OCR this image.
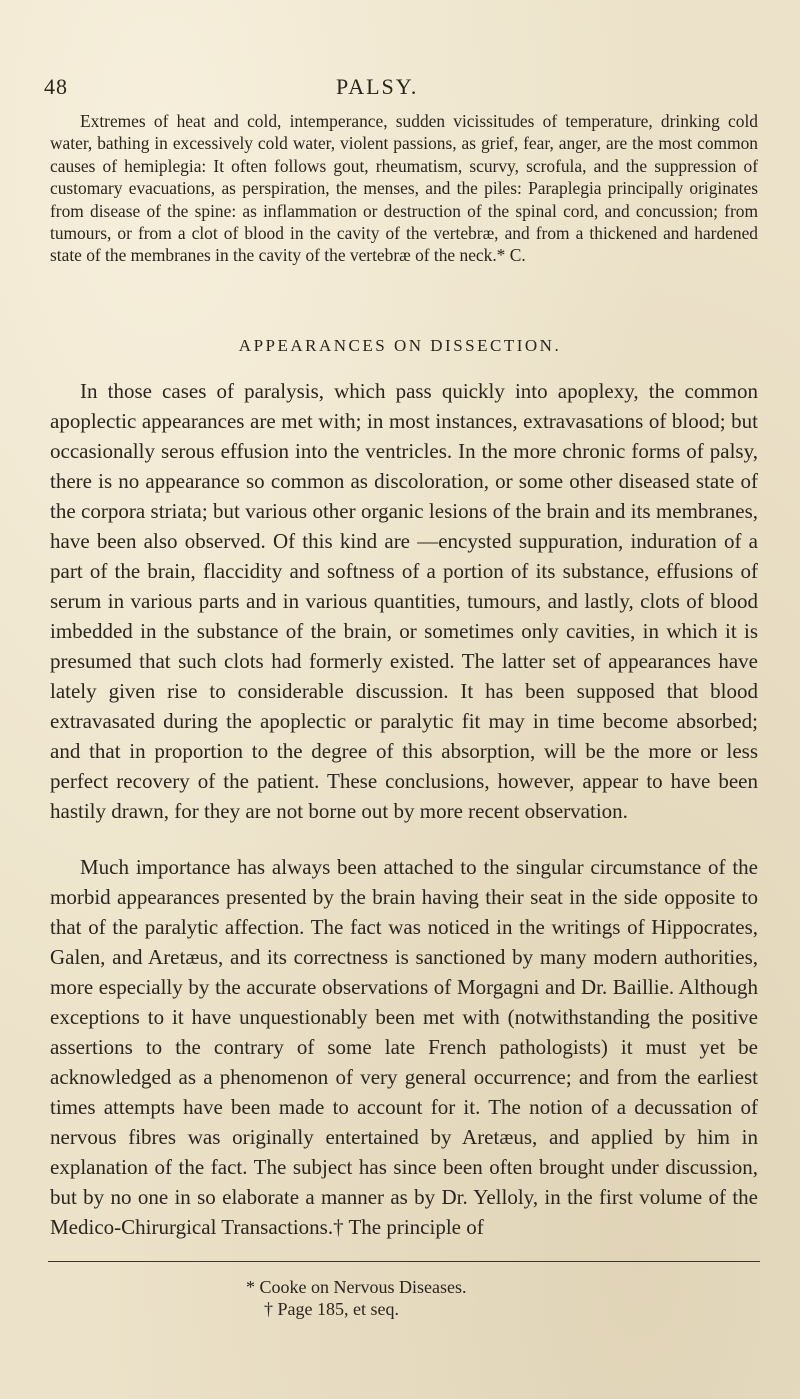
48	PALSY.

Extremes of heat and cold, intemperance, sudden vicissitudes of temperature, drinking cold water, bathing in excessively cold water, violent passions, as grief, fear, anger, are the most common causes of hemiplegia: It often follows gout, rheumatism, scurvy, scrofula, and the suppression of customary evacuations, as perspiration, the menses, and the piles: Paraplegia principally originates from disease of the spine: as inflammation or destruction of the spinal cord, and concussion; from tumours, or from a clot of blood in the cavity of the vertebræ, and from a thickened and hardened state of the membranes in the cavity of the vertebræ of the neck.* C.

APPEARANCES ON DISSECTION.

In those cases of paralysis, which pass quickly into apoplexy, the common apoplectic appearances are met with; in most instances, extravasations of blood; but occasionally serous effusion into the ventricles. In the more chronic forms of palsy, there is no appearance so common as discoloration, or some other diseased state of the corpora striata; but various other organic lesions of the brain and its membranes, have been also observed. Of this kind are —encysted suppuration, induration of a part of the brain, flaccidity and softness of a portion of its substance, effusions of serum in various parts and in various quantities, tumours, and lastly, clots of blood imbedded in the substance of the brain, or sometimes only cavities, in which it is presumed that such clots had formerly existed. The latter set of appearances have lately given rise to considerable discussion. It has been supposed that blood extravasated during the apoplectic or paralytic fit may in time become absorbed; and that in proportion to the degree of this absorption, will be the more or less perfect recovery of the patient. These conclusions, however, appear to have been hastily drawn, for they are not borne out by more recent observation.

Much importance has always been attached to the singular circumstance of the morbid appearances presented by the brain having their seat in the side opposite to that of the paralytic affection. The fact was noticed in the writings of Hippocrates, Galen, and Aretæus, and its correctness is sanctioned by many modern authorities, more especially by the accurate observations of Morgagni and Dr. Baillie. Although exceptions to it have unquestionably been met with (notwithstanding the positive assertions to the contrary of some late French pathologists) it must yet be acknowledged as a phenomenon of very general occurrence; and from the earliest times attempts have been made to account for it. The notion of a decussation of nervous fibres was originally entertained by Aretæus, and applied by him in explanation of the fact. The subject has since been often brought under discussion, but by no one in so elaborate a manner as by Dr. Yelloly, in the first volume of the Medico-Chirurgical Transactions.† The principle of

* Cooke on Nervous Diseases.
† Page 185, et seq.
